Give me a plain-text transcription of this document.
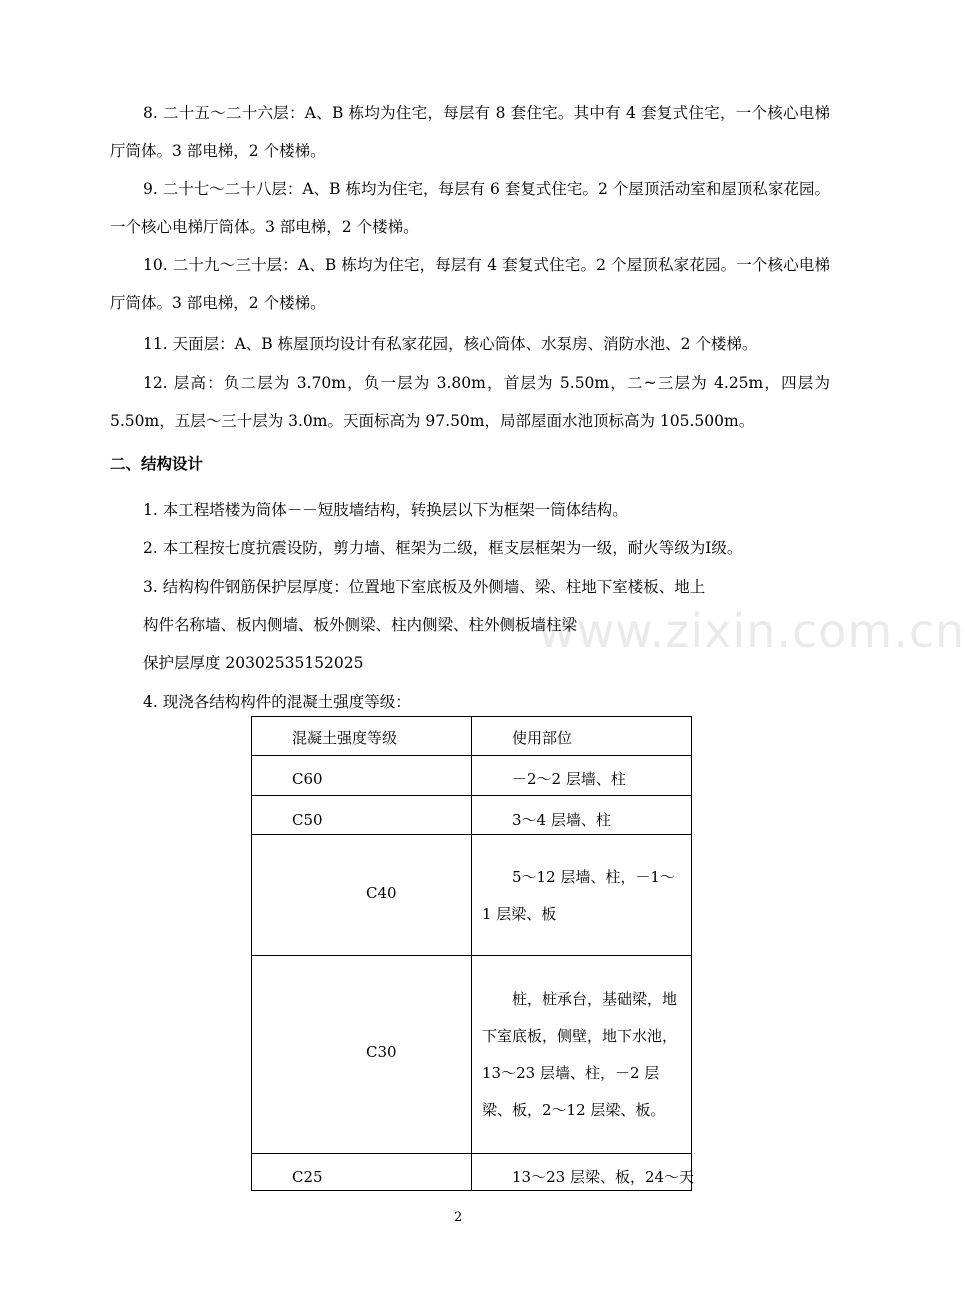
8. 二十五～二十六层：A、B 栋均为住宅，每层有 8 套住宅。其中有 4 套复式住宅，一个核心电梯厅筒体。3 部电梯，2 个楼梯。

9. 二十七～二十八层：A、B 栋均为住宅，每层有 6 套复式住宅。2 个屋顶活动室和屋顶私家花园。一个核心电梯厅筒体。3 部电梯，2 个楼梯。

10. 二十九～三十层：A、B 栋均为住宅，每层有 4 套复式住宅。2 个屋顶私家花园。一个核心电梯厅筒体。3 部电梯，2 个楼梯。

11. 天面层：A、B 栋屋顶均设计有私家花园，核心筒体、水泵房、消防水池、2 个楼梯。

12. 层高：负二层为 3.70m，负一层为 3.80m，首层为 5.50m，二~三层为 4.25m，四层为 5.50m，五层～三十层为 3.0m。天面标高为 97.50m，局部屋面水池顶标高为 105.500m。

二、结构设计

1. 本工程塔楼为筒体－－短肢墙结构，转换层以下为框架一筒体结构。

2. 本工程按七度抗震设防，剪力墙、框架为二级，框支层框架为一级，耐火等级为Ⅰ级。

3. 结构构件钢筋保护层厚度：位置地下室底板及外侧墙、梁、柱地下室楼板、地上

构件名称墙、板内侧墙、板外侧梁、柱内侧梁、柱外侧板墙柱梁

保护层厚度 20302535152025

4. 现浇各结构构件的混凝土强度等级：

www.zixin.com.cn
混凝土强度等级	使用部位

C60	－2～2 层墙、柱

C50	3～4 层墙、柱

C40	5～12 层墙、柱，－1～1 层梁、板

C30	桩，桩承台，基础梁，地下室底板，侧壁，地下水池，13～23 层墙、柱，－2 层梁、板，2～12 层梁、板。

C25	13～23 层梁、板，24～天
2
